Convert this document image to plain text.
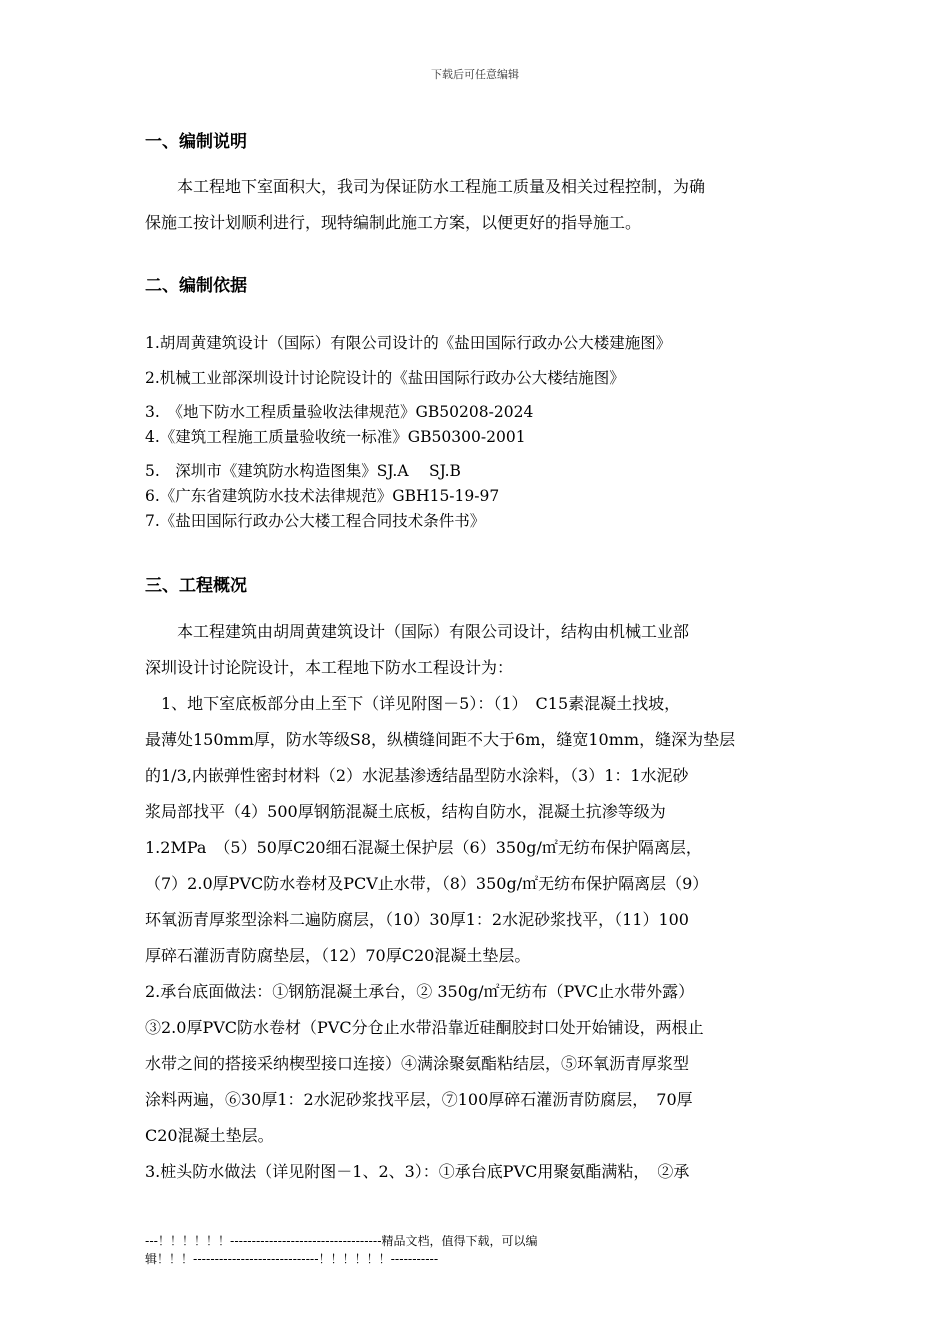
下载后可任意编辑
一、编制说明
　　本工程地下室面积大，我司为保证防水工程施工质量及相关过程控制，为确
保施工按计划顺利进行，现特编制此施工方案，以便更好的指导施工。
二、编制依据
1.胡周黄建筑设计（国际）有限公司设计的《盐田国际行政办公大楼建施图》
2.机械工业部深圳设计讨论院设计的《盐田国际行政办公大楼结施图》
3.　《地下防水工程质量验收法律规范》GB50208-2024
4.《建筑工程施工质量验收统一标准》GB50300-2001
5.　深圳市《建筑防水构造图集》SJ.A　 SJ.B
6.《广东省建筑防水技术法律规范》GBH15-19-97
7.《盐田国际行政办公大楼工程合同技术条件书》
三、工程概况
　　本工程建筑由胡周黄建筑设计（国际）有限公司设计，结构由机械工业部
深圳设计讨论院设计，本工程地下防水工程设计为：
　1、地下室底板部分由上至下（详见附图－5）：（1）　C15素混凝土找坡，
最薄处150mm厚，防水等级S8，纵横缝间距不大于6m，缝宽10mm，缝深为垫层
的1/3,内嵌弹性密封材料（2）水泥基渗透结晶型防水涂料，（3）1：1水泥砂
浆局部找平（4）500厚钢筋混凝土底板，结构自防水，混凝土抗渗等级为
1.2MPa　（5）50厚C20细石混凝土保护层（6）350g/㎡无纺布保护隔离层，
（7）2.0厚PVC防水卷材及PCV止水带，（8）350g/㎡无纺布保护隔离层（9）
环氧沥青厚浆型涂料二遍防腐层，（10）30厚1：2水泥砂浆找平，（11）100
厚碎石灌沥青防腐垫层，（12）70厚C20混凝土垫层。
2.承台底面做法：①钢筋混凝土承台，② 350g/㎡无纺布（PVC止水带外露）
③2.0厚PVC防水卷材（PVC分仓止水带沿靠近硅酮胶封口处开始铺设，两根止
水带之间的搭接采纳楔型接口连接）④满涂聚氨酯粘结层，⑤环氧沥青厚浆型
涂料两遍，⑥30厚1：2水泥砂浆找平层，⑦100厚碎石灌沥青防腐层，　70厚
C20混凝土垫层。
3.桩头防水做法（详见附图－1、2、3）：①承台底PVC用聚氨酯满粘，　②承
---！！！！！！-----------------------------------精品文档，值得下载，可以编
辑！！！-----------------------------！！！！！！-----------
